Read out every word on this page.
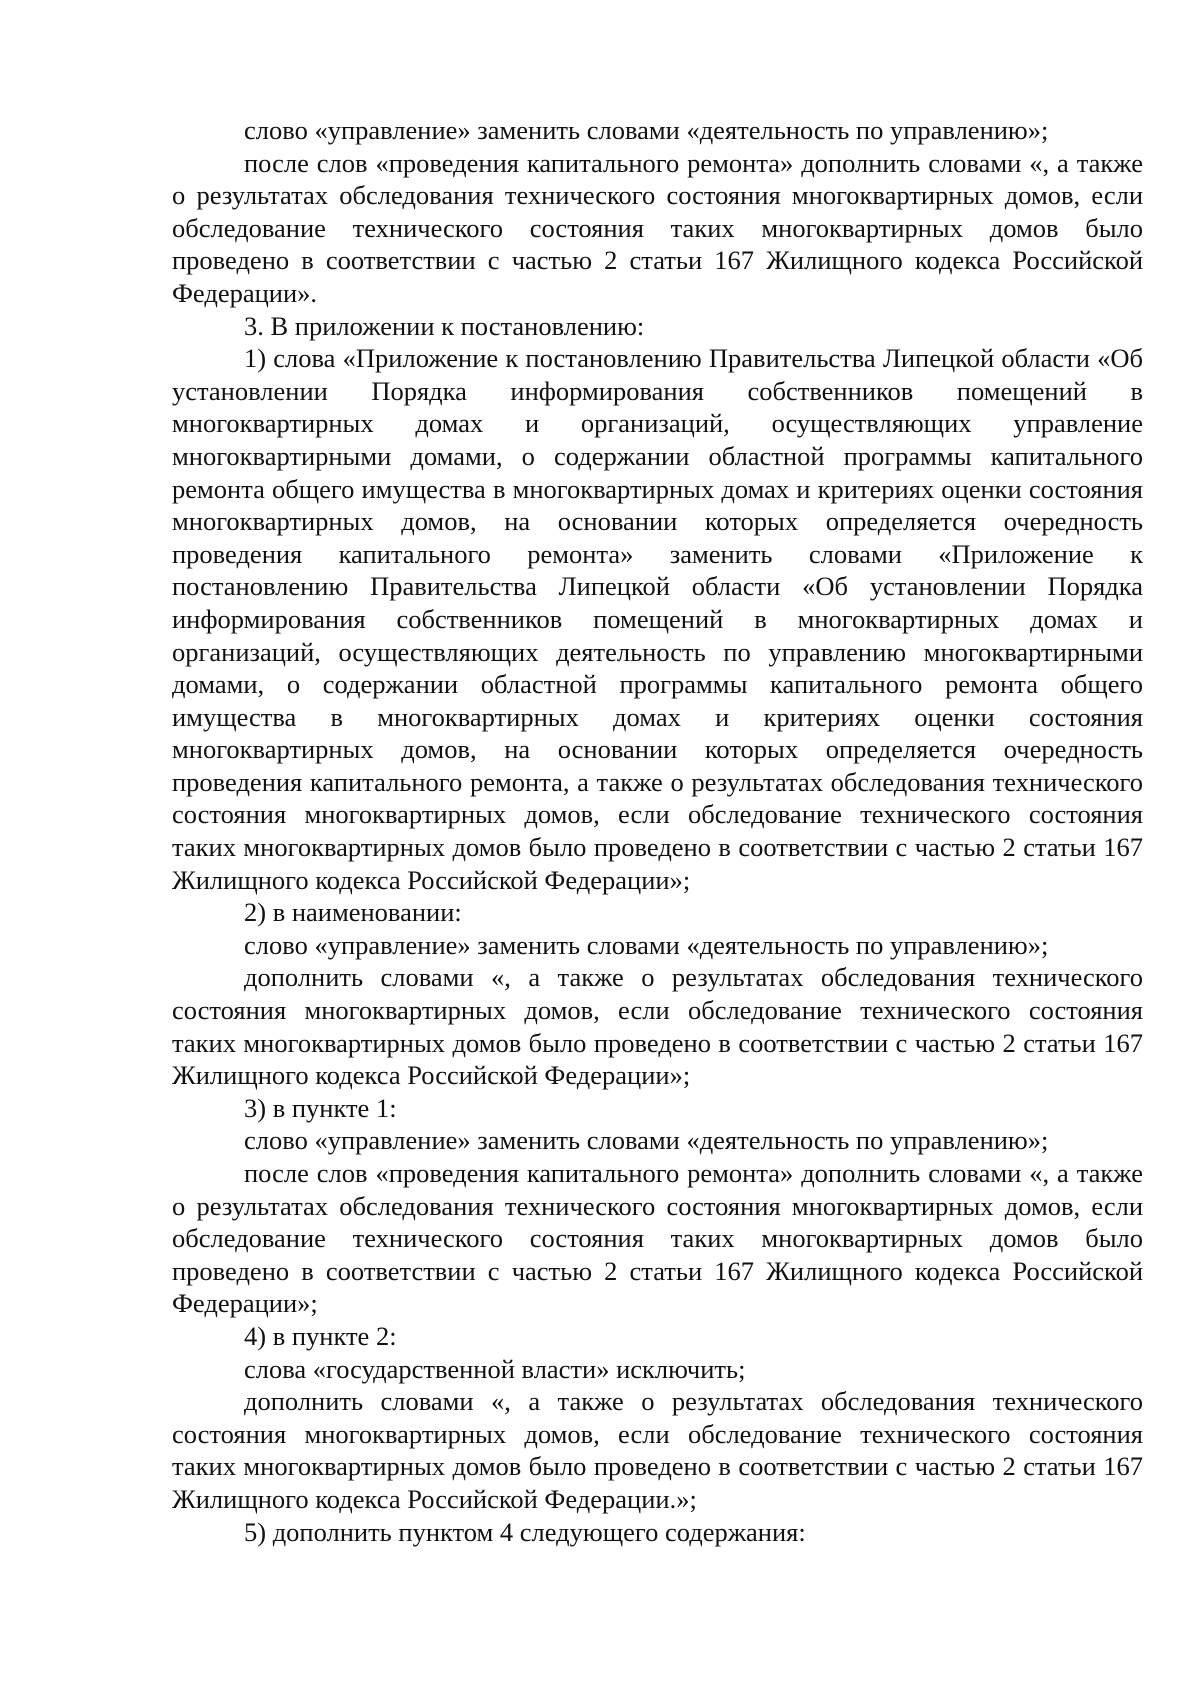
слово «управление» заменить словами «деятельность по управлению»;

после слов «проведения капитального ремонта» дополнить словами «, а также о результатах обследования технического состояния многоквартирных домов, если обследование технического состояния таких многоквартирных домов было проведено в соответствии с частью 2 статьи 167 Жилищного кодекса Российской Федерации».

3. В приложении к постановлению:

1) слова «Приложение к постановлению Правительства Липецкой области «Об установлении Порядка информирования собственников помещений в многоквартирных домах и организаций, осуществляющих управление многоквартирными домами, о содержании областной программы капитального ремонта общего имущества в многоквартирных домах и критериях оценки состояния многоквартирных домов, на основании которых определяется очередность проведения капитального ремонта» заменить словами «Приложение к постановлению Правительства Липецкой области «Об установлении Порядка информирования собственников помещений в многоквартирных домах и организаций, осуществляющих деятельность по управлению многоквартирными домами, о содержании областной программы капитального ремонта общего имущества в многоквартирных домах и критериях оценки состояния многоквартирных домов, на основании которых определяется очередность проведения капитального ремонта, а также о результатах обследования технического состояния многоквартирных домов, если обследование технического состояния таких многоквартирных домов было проведено в соответствии с частью 2 статьи 167 Жилищного кодекса Российской Федерации»;

2) в наименовании:

слово «управление» заменить словами «деятельность по управлению»;

дополнить словами «, а также о результатах обследования технического состояния многоквартирных домов, если обследование технического состояния таких многоквартирных домов было проведено в соответствии с частью 2 статьи 167 Жилищного кодекса Российской Федерации»;

3) в пункте 1:

слово «управление» заменить словами «деятельность по управлению»;

после слов «проведения капитального ремонта» дополнить словами «, а также о результатах обследования технического состояния многоквартирных домов, если обследование технического состояния таких многоквартирных домов было проведено в соответствии с частью 2 статьи 167 Жилищного кодекса Российской Федерации»;

4) в пункте 2:

слова «государственной власти» исключить;

дополнить словами «, а также о результатах обследования технического состояния многоквартирных домов, если обследование технического состояния таких многоквартирных домов было проведено в соответствии с частью 2 статьи 167 Жилищного кодекса Российской Федерации.»;

5) дополнить пунктом 4 следующего содержания:
